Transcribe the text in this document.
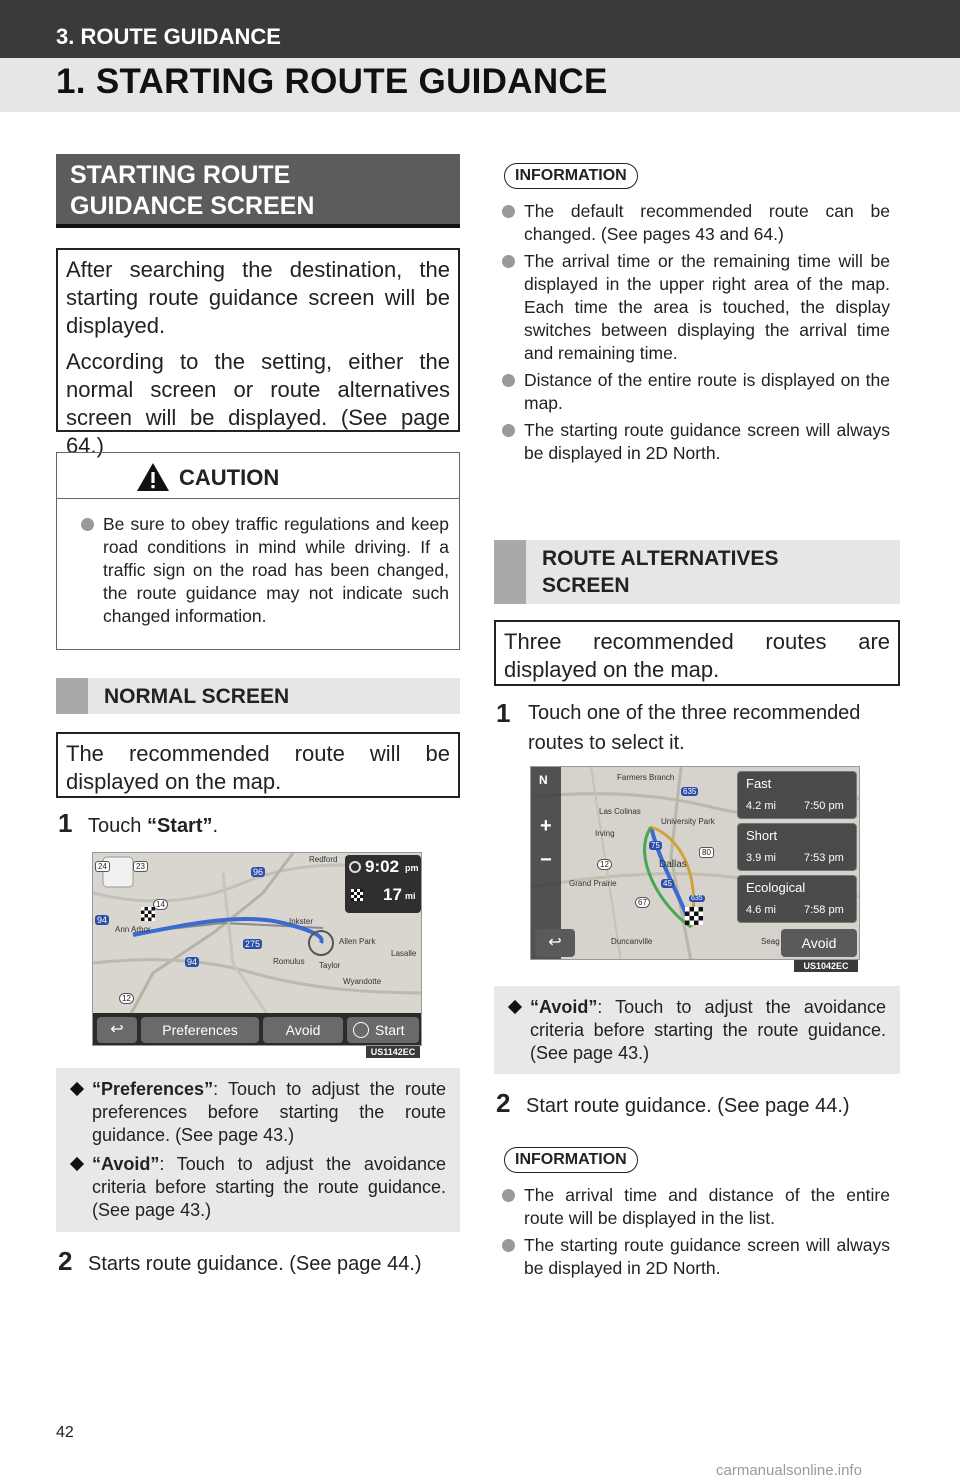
3. ROUTE GUIDANCE
1. STARTING ROUTE GUIDANCE
STARTING ROUTE
GUIDANCE SCREEN

After searching the destination, the starting route guidance screen will be displayed.

According to the setting, either the normal screen or route alternatives screen will be displayed. (See page 64.)

CAUTION
Be sure to obey traffic regulations and keep road conditions in mind while driving. If a traffic sign on the road has been changed, the route guidance may not indicate such changed information.
NORMAL SCREEN

The recommended route will be displayed on the map.

1 Touch “Start”.
Redford
Ann Arbor
Inkster
Allen Park
Romulus Taylor
Lasalle
Wyandotte
23
96
94
14
275
94
12
24	9:02 pm
17 mi
↩	Preferences	Avoid	Start
US1142EC
“Preferences”: Touch to adjust the route preferences before starting the route guidance. (See page 43.)
“Avoid”: Touch to adjust the avoidance criteria before starting the route guidance. (See page 43.)
2 Starts route guidance. (See page 44.)
INFORMATION
The default recommended route can be changed. (See pages 43 and 64.)
The arrival time or the remaining time will be displayed in the upper right area of the map. Each time the area is touched, the display switches between displaying the arrival time and remaining time.
Distance of the entire route is displayed on the map.
The starting route guidance screen will always be displayed in 2D North.
ROUTE ALTERNATIVES
SCREEN

Three recommended routes are displayed on the map.

1 Touch one of the three recommended routes to select it.
N
+
−
Farmers Branch
Las Colinas
University Park
Irving
Dallas
Grand Prairie
Duncanville	Seag
635
75
80
12
45
67	635
Fast
4.2 mi	7:50 pm
Short
3.9 mi	7:53 pm
Ecological
4.6 mi	7:58 pm
↩	Avoid
US1042EC
“Avoid”: Touch to adjust the avoidance criteria before starting the route guidance. (See page 43.)
2 Start route guidance. (See page 44.)
INFORMATION
The arrival time and distance of the entire route will be displayed in the list.
The starting route guidance screen will always be displayed in 2D North.
42
carmanualsonline.info
